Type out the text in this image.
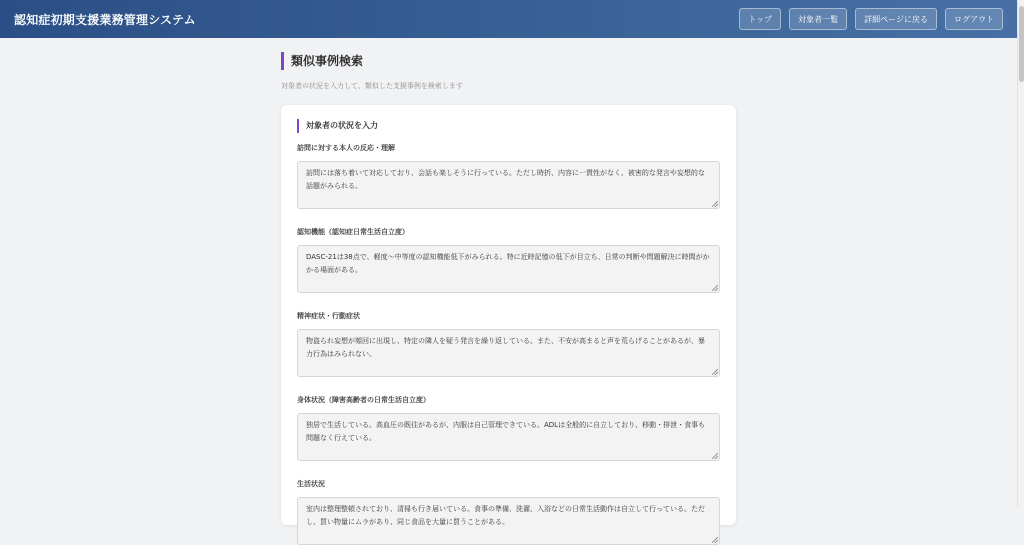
認知症初期支援業務管理システム	トップ	対象者一覧	詳細ページに戻る	ログアウト
類似事例検索
対象者の状況を入力して、類似した支援事例を検索します
対象者の状況を入力
訪問に対する本人の反応・理解
訪問には落ち着いて対応しており、会話も楽しそうに行っている。ただし時折、内容に一貫性がなく、被害的な発言や妄想的な話題がみられる。
認知機能（認知症日常生活自立度）
DASC-21は38点で、軽度〜中等度の認知機能低下がみられる。特に近時記憶の低下が目立ち、日常の判断や問題解決に時間がかかる場面がある。
精神症状・行動症状
物盗られ妄想が頻回に出現し、特定の隣人を疑う発言を繰り返している。また、不安が高まると声を荒らげることがあるが、暴力行為はみられない。
身体状況（障害高齢者の日常生活自立度）
独居で生活している。高血圧の既往があるが、内服は自己管理できている。ADLは全般的に自立しており、移動・排泄・食事も問題なく行えている。
生活状況
室内は整理整頓されており、清掃も行き届いている。食事の準備、洗濯、入浴などの日常生活動作は自立して行っている。ただし、買い物量にムラがあり、同じ食品を大量に買うことがある。
